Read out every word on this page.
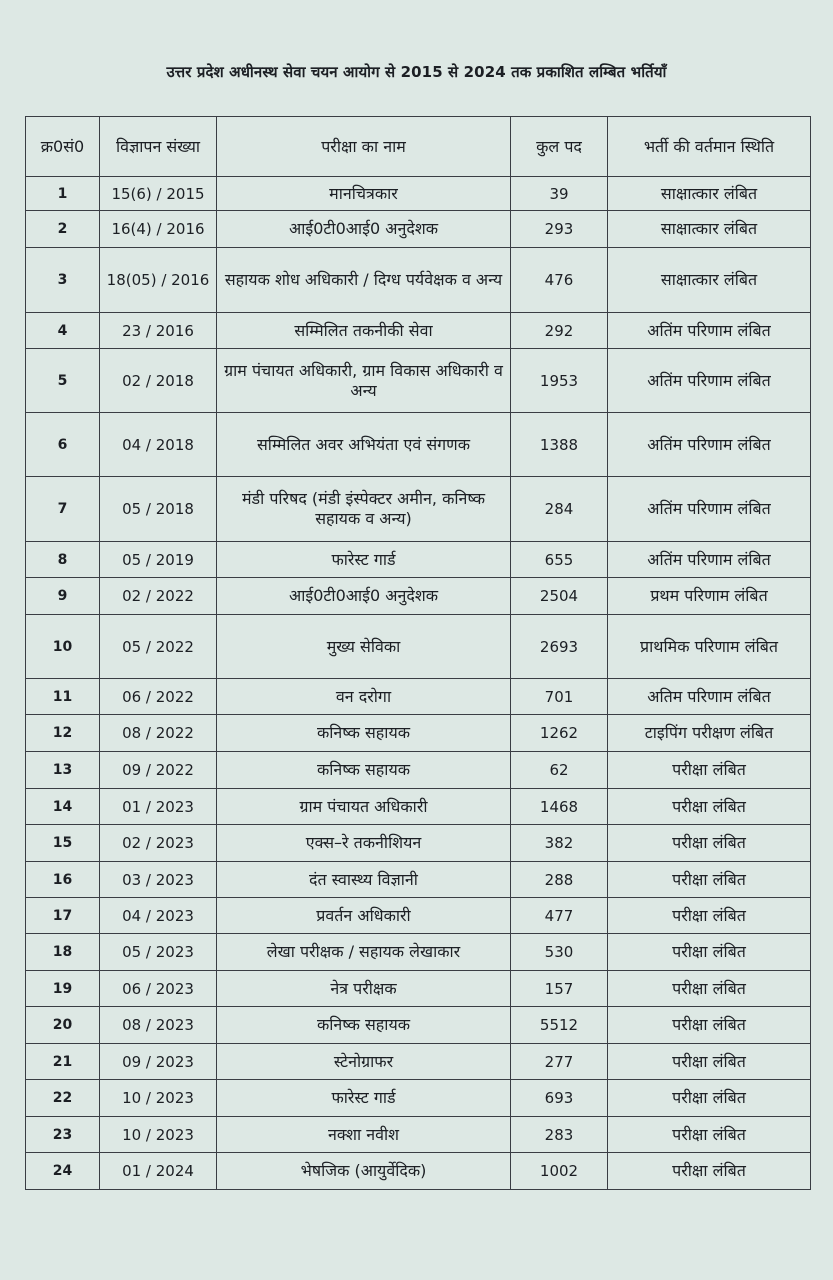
उत्तर प्रदेश अधीनस्थ सेवा चयन आयोग से 2015 से 2024 तक प्रकाशित लम्बित भर्तियाँ
क्र0सं0	विज्ञापन संख्या	परीक्षा का नाम	कुल पद	भर्ती की वर्तमान स्थिति
1	15(6) / 2015	मानचित्रकार	39	साक्षात्कार लंबित
2	16(4) / 2016	आई0टी0आई0 अनुदेशक	293	साक्षात्कार लंबित
3	18(05) / 2016	सहायक शोध अधिकारी / दिग्ध पर्यवेक्षक व अन्य	476	साक्षात्कार लंबित
4	23 / 2016	सम्मिलित तकनीकी सेवा	292	अतिंम परिणाम लंबित
5	02 / 2018	ग्राम पंचायत अधिकारी, ग्राम विकास अधिकारी व अन्य	1953	अतिंम परिणाम लंबित
6	04 / 2018	सम्मिलित अवर अभियंता एवं संगणक	1388	अतिंम परिणाम लंबित
7	05 / 2018	मंडी परिषद (मंडी इंस्पेक्टर अमीन, कनिष्क सहायक व अन्य)	284	अतिंम परिणाम लंबित
8	05 / 2019	फारेस्ट गार्ड	655	अतिंम परिणाम लंबित
9	02 / 2022	आई0टी0आई0 अनुदेशक	2504	प्रथम परिणाम लंबित
10	05 / 2022	मुख्य सेविका	2693	प्राथमिक परिणाम लंबित
11	06 / 2022	वन दरोगा	701	अतिम परिणाम लंबित
12	08 / 2022	कनिष्क सहायक	1262	टाइपिंग परीक्षण लंबित
13	09 / 2022	कनिष्क सहायक	62	परीक्षा लंबित
14	01 / 2023	ग्राम पंचायत अधिकारी	1468	परीक्षा लंबित
15	02 / 2023	एक्स–रे तकनीशियन	382	परीक्षा लंबित
16	03 / 2023	दंत स्वास्थ्य विज्ञानी	288	परीक्षा लंबित
17	04 / 2023	प्रवर्तन अधिकारी	477	परीक्षा लंबित
18	05 / 2023	लेखा परीक्षक / सहायक लेखाकार	530	परीक्षा लंबित
19	06 / 2023	नेत्र परीक्षक	157	परीक्षा लंबित
20	08 / 2023	कनिष्क सहायक	5512	परीक्षा लंबित
21	09 / 2023	स्टेनोग्राफर	277	परीक्षा लंबित
22	10 / 2023	फारेस्ट गार्ड	693	परीक्षा लंबित
23	10 / 2023	नक्शा नवीश	283	परीक्षा लंबित
24	01 / 2024	भेषजिक (आयुर्वेदिक)	1002	परीक्षा लंबित
